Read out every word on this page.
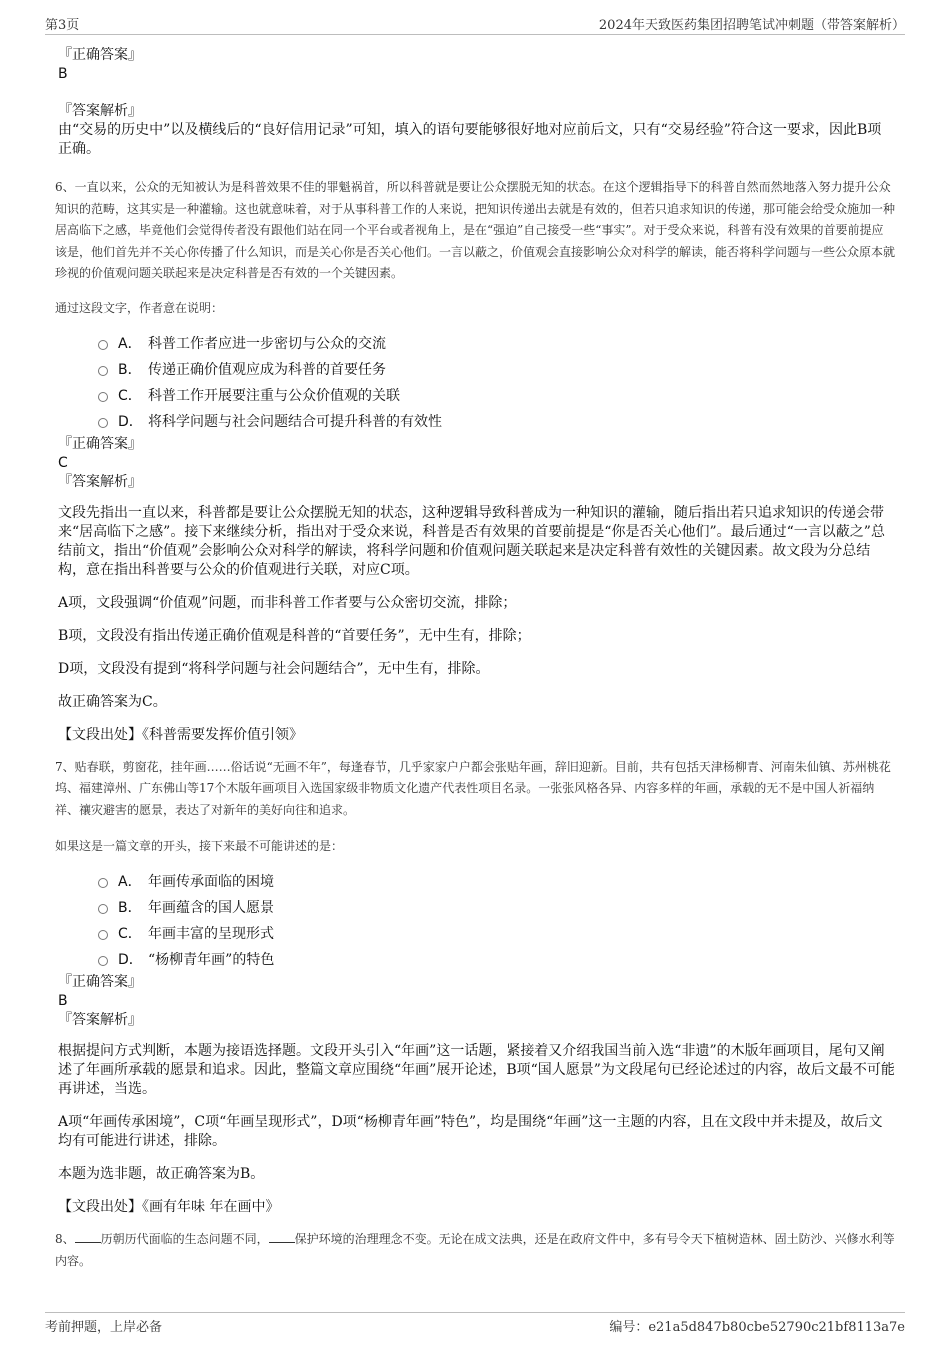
第3页	2024年天致医药集团招聘笔试冲刺题（带答案解析）
『正确答案』
B
『答案解析』

由“交易的历史中”以及横线后的“良好信用记录”可知，填入的语句要能够很好地对应前后文，只有“交易经验”符合这一要求，因此B项正确。

6、一直以来，公众的无知被认为是科普效果不佳的罪魁祸首，所以科普就是要让公众摆脱无知的状态。在这个逻辑指导下的科普自然而然地落入努力提升公众知识的范畴，这其实是一种灌输。这也就意味着，对于从事科普工作的人来说，把知识传递出去就是有效的，但若只追求知识的传递，那可能会给受众施加一种居高临下之感，毕竟他们会觉得传者没有跟他们站在同一个平台或者视角上，是在“强迫”自己接受一些“事实”。对于受众来说，科普有没有效果的首要前提应该是，他们首先并不关心你传播了什么知识，而是关心你是否关心他们。一言以蔽之，价值观会直接影响公众对科学的解读，能否将科学问题与一些公众原本就珍视的价值观问题关联起来是决定科普是否有效的一个关键因素。

通过这段文字，作者意在说明：

A． 科普工作者应进一步密切与公众的交流
B． 传递正确价值观应成为科普的首要任务
C． 科普工作开展要注重与公众价值观的关联
D． 将科学问题与社会问题结合可提升科普的有效性
『正确答案』
C
『答案解析』

文段先指出一直以来，科普都是要让公众摆脱无知的状态，这种逻辑导致科普成为一种知识的灌输，随后指出若只追求知识的传递会带来“居高临下之感”。接下来继续分析，指出对于受众来说，科普是否有效果的首要前提是“你是否关心他们”。最后通过“一言以蔽之”总结前文，指出“价值观”会影响公众对科学的解读，将科学问题和价值观问题关联起来是决定科普有效性的关键因素。故文段为分总结构，意在指出科普要与公众的价值观进行关联，对应C项。

A项，文段强调“价值观”问题，而非科普工作者要与公众密切交流，排除；

B项，文段没有指出传递正确价值观是科普的“首要任务”，无中生有，排除；

D项，文段没有提到“将科学问题与社会问题结合”，无中生有，排除。

故正确答案为C。

【文段出处】《科普需要发挥价值引领》

7、贴春联，剪窗花，挂年画……俗话说“无画不年”，每逢春节，几乎家家户户都会张贴年画，辞旧迎新。目前，共有包括天津杨柳青、河南朱仙镇、苏州桃花坞、福建漳州、广东佛山等17个木版年画项目入选国家级非物质文化遗产代表性项目名录。一张张风格各异、内容多样的年画，承载的无不是中国人祈福纳祥、禳灾避害的愿景，表达了对新年的美好向往和追求。

如果这是一篇文章的开头，接下来最不可能讲述的是：

A． 年画传承面临的困境
B． 年画蕴含的国人愿景
C． 年画丰富的呈现形式
D． “杨柳青年画”的特色
『正确答案』
B
『答案解析』

根据提问方式判断，本题为接语选择题。文段开头引入“年画”这一话题，紧接着又介绍我国当前入选“非遗”的木版年画项目，尾句又阐述了年画所承载的愿景和追求。因此，整篇文章应围绕“年画”展开论述，B项“国人愿景”为文段尾句已经论述过的内容，故后文最不可能再讲述，当选。

A项“年画传承困境”，C项“年画呈现形式”，D项“杨柳青年画”特色”，均是围绕“年画”这一主题的内容，且在文段中并未提及，故后文均有可能进行讲述，排除。

本题为选非题，故正确答案为B。

【文段出处】《画有年味 年在画中》

8、 历朝历代面临的生态问题不同， 保护环境的治理理念不变。无论在成文法典，还是在政府文件中，多有号令天下植树造林、固土防沙、兴修水利等内容。

考前押题，上岸必备	编号：e21a5d847b80cbe52790c21bf8113a7e
